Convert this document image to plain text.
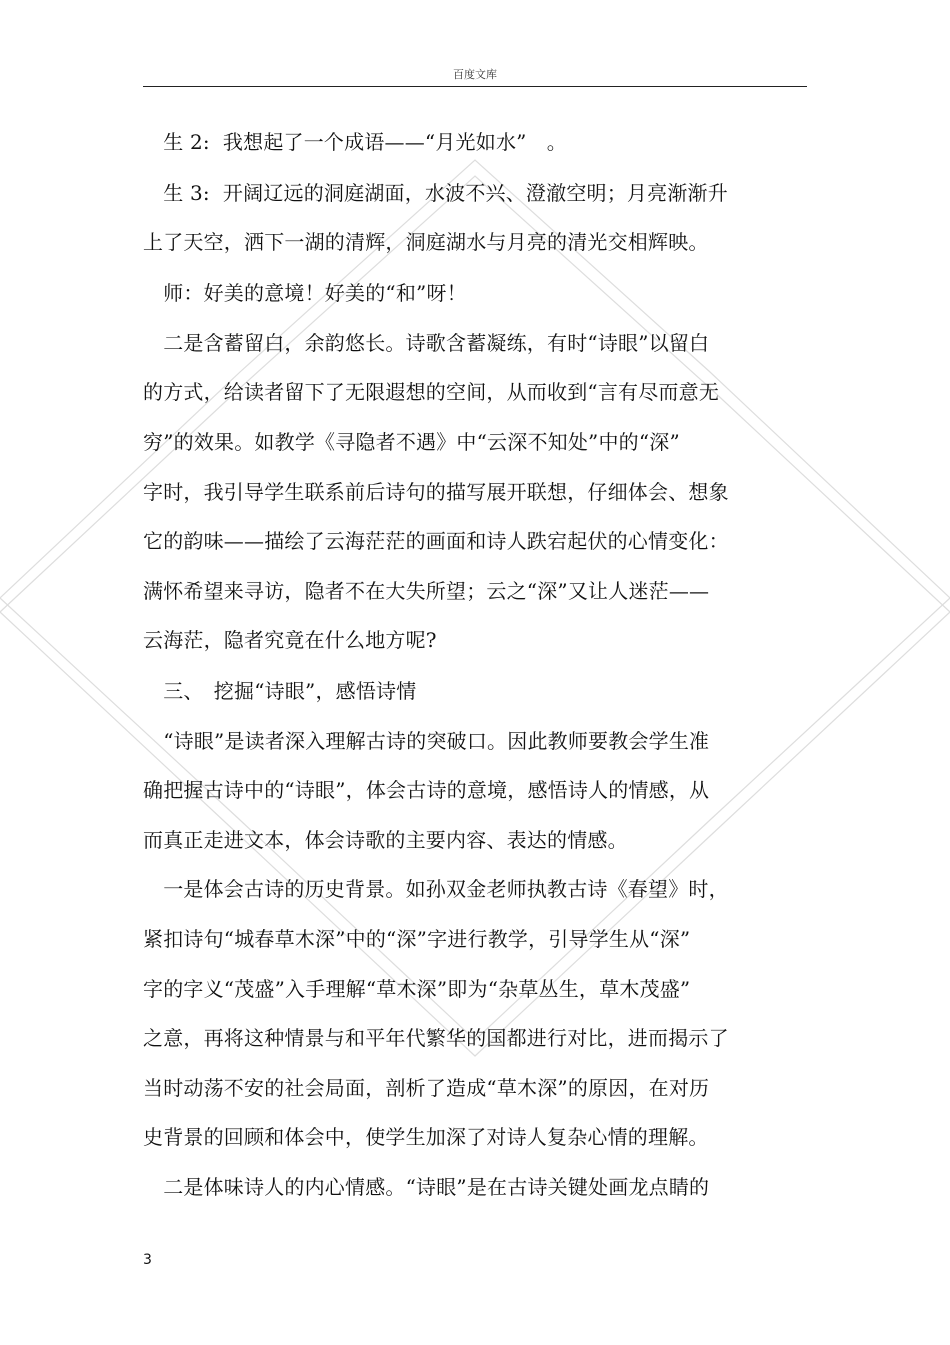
百度文库
　生 2:  我想起了一个成语——“月光如水”　。
　生 3:  开阔辽远的洞庭湖面，水波不兴、澄澈空明；月亮渐渐升
上了天空，洒下一湖的清辉，洞庭湖水与月亮的清光交相辉映。
　师：好美的意境！好美的“和”呀！
　二是含蓄留白，余韵悠长。诗歌含蓄凝练，有时“诗眼”以留白
的方式，给读者留下了无限遐想的空间，从而收到“言有尽而意无
穷”的效果。如教学《寻隐者不遇》中“云深不知处”中的“深”
字时，我引导学生联系前后诗句的描写展开联想，仔细体会、想象
它的韵味——描绘了云海茫茫的画面和诗人跌宕起伏的心情变化：
满怀希望来寻访，隐者不在大失所望；云之“深”又让人迷茫——
云海茫，隐者究竟在什么地方呢?
　三、　挖掘“诗眼”，感悟诗情
　“诗眼”是读者深入理解古诗的突破口。因此教师要教会学生准
确把握古诗中的“诗眼”，体会古诗的意境，感悟诗人的情感，从
而真正走进文本，体会诗歌的主要内容、表达的情感。
　一是体会古诗的历史背景。如孙双金老师执教古诗《春望》时，
紧扣诗句“城春草木深”中的“深”字进行教学，引导学生从“深”
字的字义“茂盛”入手理解“草木深”即为“杂草丛生，草木茂盛”
之意，再将这种情景与和平年代繁华的国都进行对比，进而揭示了
当时动荡不安的社会局面，剖析了造成“草木深”的原因，在对历
史背景的回顾和体会中，使学生加深了对诗人复杂心情的理解。
　二是体味诗人的内心情感。“诗眼”是在古诗关键处画龙点睛的
3
